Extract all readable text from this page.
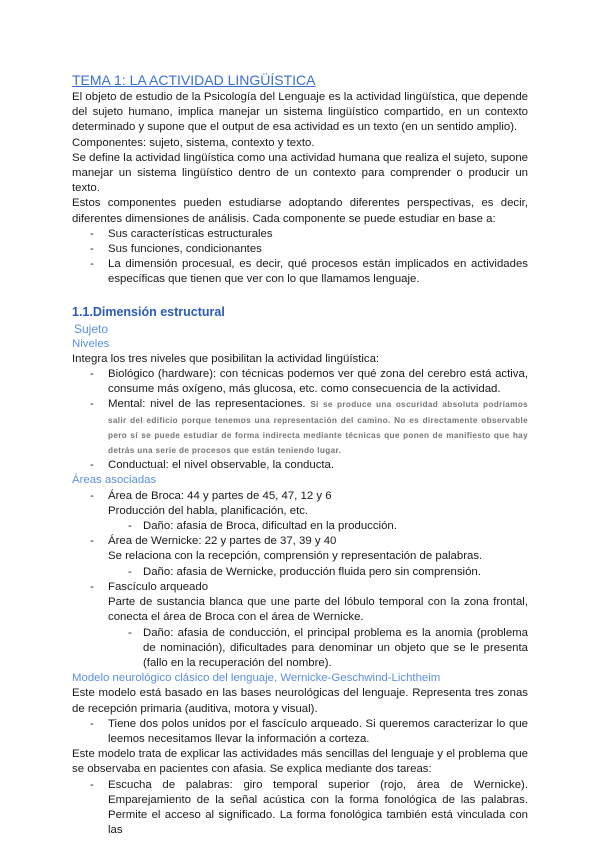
TEMA 1: LA ACTIVIDAD LINGÜÍSTICA

El objeto de estudio de la Psicología del Lenguaje es la actividad lingüística, que depende del sujeto humano, implica manejar un sistema lingüístico compartido, en un contexto determinado y supone que el output de esa actividad es un texto (en un sentido amplio).

Componentes: sujeto, sistema, contexto y texto.

Se define la actividad lingüística como una actividad humana que realiza el sujeto, supone manejar un sistema lingüístico dentro de un contexto para comprender o producir un texto.

Estos componentes pueden estudiarse adoptando diferentes perspectivas, es decir, diferentes dimensiones de análisis. Cada componente se puede estudiar en base a:

- Sus características estructurales
- Sus funciones, condicionantes
- La dimensión procesual, es decir, qué procesos están implicados en actividades específicas que tienen que ver con lo que llamamos lenguaje.
1.1.Dimensión estructural
Sujeto
Niveles

Integra los tres niveles que posibilitan la actividad lingüística:

- Biológico (hardware): con técnicas podemos ver qué zona del cerebro está activa, consume más oxígeno, más glucosa, etc. como consecuencia de la actividad.
- Mental: nivel de las representaciones. Si se produce una oscuridad absoluta podríamos salir del edificio porque tenemos una representación del camino. No es directamente observable pero sí se puede estudiar de forma indirecta mediante técnicas que ponen de manifiesto que hay detrás una serie de procesos que están teniendo lugar.
- Conductual: el nivel observable, la conducta.
Áreas asociadas
- Área de Broca: 44 y partes de 45, 47, 12 y 6
Producción del habla, planificación, etc.
- Daño: afasia de Broca, dificultad en la producción.
- Área de Wernicke: 22 y partes de 37, 39 y 40
Se relaciona con la recepción, comprensión y representación de palabras.
- Daño: afasia de Wernicke, producción fluida pero sin comprensión.
- Fascículo arqueado
Parte de sustancia blanca que une parte del lóbulo temporal con la zona frontal, conecta el área de Broca con el área de Wernicke.
- Daño: afasia de conducción, el principal problema es la anomia (problema de nominación), dificultades para denominar un objeto que se le presenta (fallo en la recuperación del nombre).
Modelo neurológico clásico del lenguaje, Wernicke-Geschwind-Lichtheim

Este modelo está basado en las bases neurológicas del lenguaje. Representa tres zonas de recepción primaria (auditiva, motora y visual).

- Tiene dos polos unidos por el fascículo arqueado. Si queremos caracterizar lo que leemos necesitamos llevar la información a corteza.

Este modelo trata de explicar las actividades más sencillas del lenguaje y el problema que se observaba en pacientes con afasia. Se explica mediante dos tareas:

- Escucha de palabras: giro temporal superior (rojo, área de Wernicke). Emparejamiento de la señal acústica con la forma fonológica de las palabras. Permite el acceso al significado. La forma fonológica también está vinculada con las
